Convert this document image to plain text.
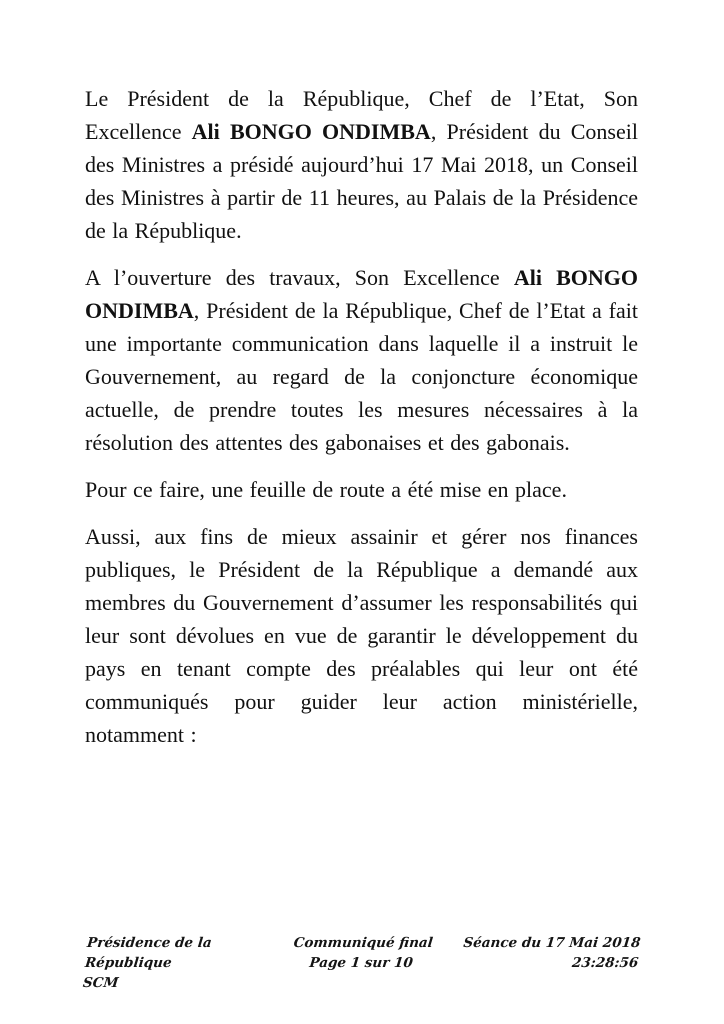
Le Président de la République, Chef de l’Etat, Son Excellence Ali BONGO ONDIMBA, Président du Conseil des Ministres a présidé aujourd’hui 17 Mai 2018, un Conseil des Ministres à partir de 11 heures, au Palais de la Présidence de la République.

A l’ouverture des travaux, Son Excellence Ali BONGO ONDIMBA, Président de la République, Chef de l’Etat a fait une importante communication dans laquelle il a instruit le Gouvernement, au regard de la conjoncture économique actuelle, de prendre toutes les mesures nécessaires à la résolution des attentes des gabonaises et des gabonais.

Pour ce faire, une feuille de route a été mise en place.

Aussi, aux fins de mieux assainir et gérer nos finances publiques, le Président de la République a demandé aux membres du Gouvernement d’assumer les responsabilités qui leur sont dévolues en vue de garantir le développement du pays en tenant compte des préalables qui leur ont été communiqués pour guider leur action ministérielle, notamment :

Présidence de la République
SCM
Communiqué final
Page 1 sur 10
Séance du 17 Mai 2018
23:28:56
